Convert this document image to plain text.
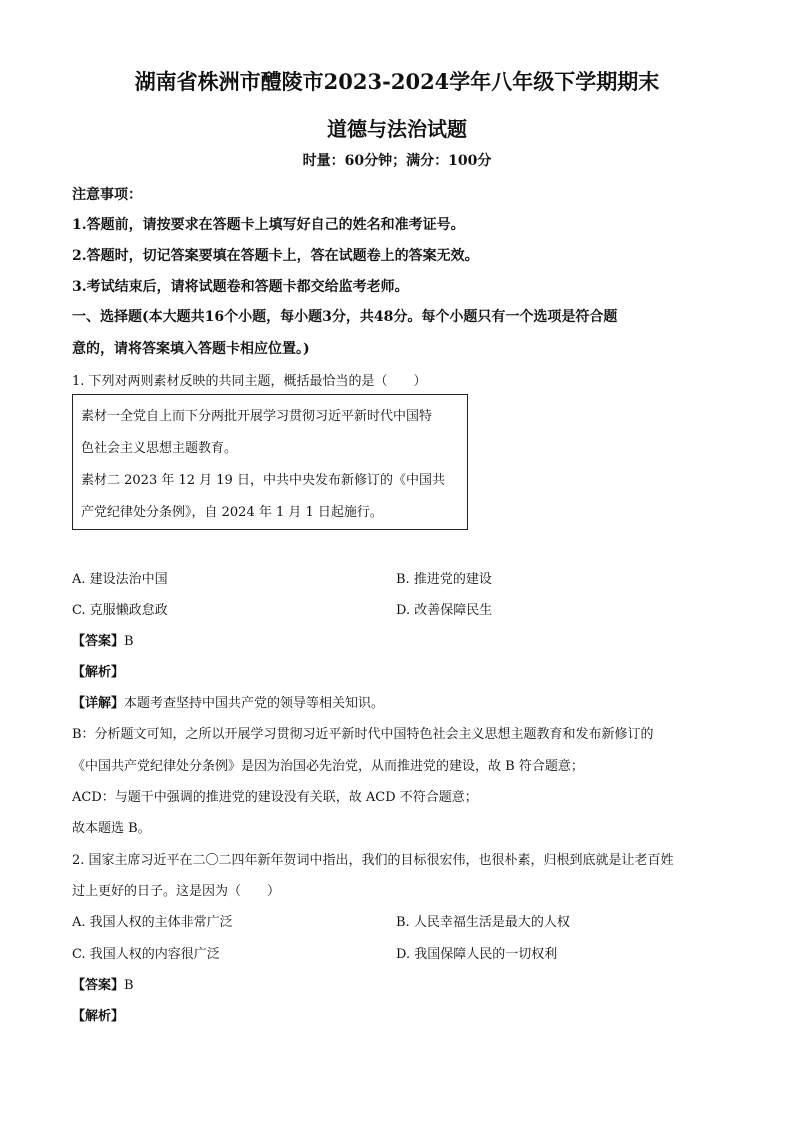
湖南省株洲市醴陵市2023-2024学年八年级下学期期末
道德与法治试题
时量：60分钟；满分：100分
注意事项：
1.答题前，请按要求在答题卡上填写好自己的姓名和准考证号。
2.答题时，切记答案要填在答题卡上，答在试题卷上的答案无效。
3.考试结束后，请将试题卷和答题卡都交给监考老师。
一、选择题(本大题共16个小题，每小题3分，共48分。每个小题只有一个选项是符合题
意的，请将答案填入答题卡相应位置。)
1. 下列对两则素材反映的共同主题，概括最恰当的是（　　）
素材一全党自上而下分两批开展学习贯彻习近平新时代中国特
色社会主义思想主题教育。
素材二 2023 年 12 月 19 日，中共中央发布新修订的《中国共
产党纪律处分条例》，自 2024 年 1 月 1 日起施行。
A. 建设法治中国	B. 推进党的建设
C. 克服懒政怠政	D. 改善保障民生
【答案】B
【解析】
【详解】本题考查坚持中国共产党的领导等相关知识。
B：分析题文可知，之所以开展学习贯彻习近平新时代中国特色社会主义思想主题教育和发布新修订的
《中国共产党纪律处分条例》是因为治国必先治党，从而推进党的建设，故 B 符合题意；
ACD：与题干中强调的推进党的建设没有关联，故 ACD 不符合题意；
故本题选 B。
2. 国家主席习近平在二〇二四年新年贺词中指出，我们的目标很宏伟，也很朴素，归根到底就是让老百姓
过上更好的日子。这是因为（　　）
A. 我国人权的主体非常广泛	B. 人民幸福生活是最大的人权
C. 我国人权的内容很广泛	D. 我国保障人民的一切权利
【答案】B
【解析】
